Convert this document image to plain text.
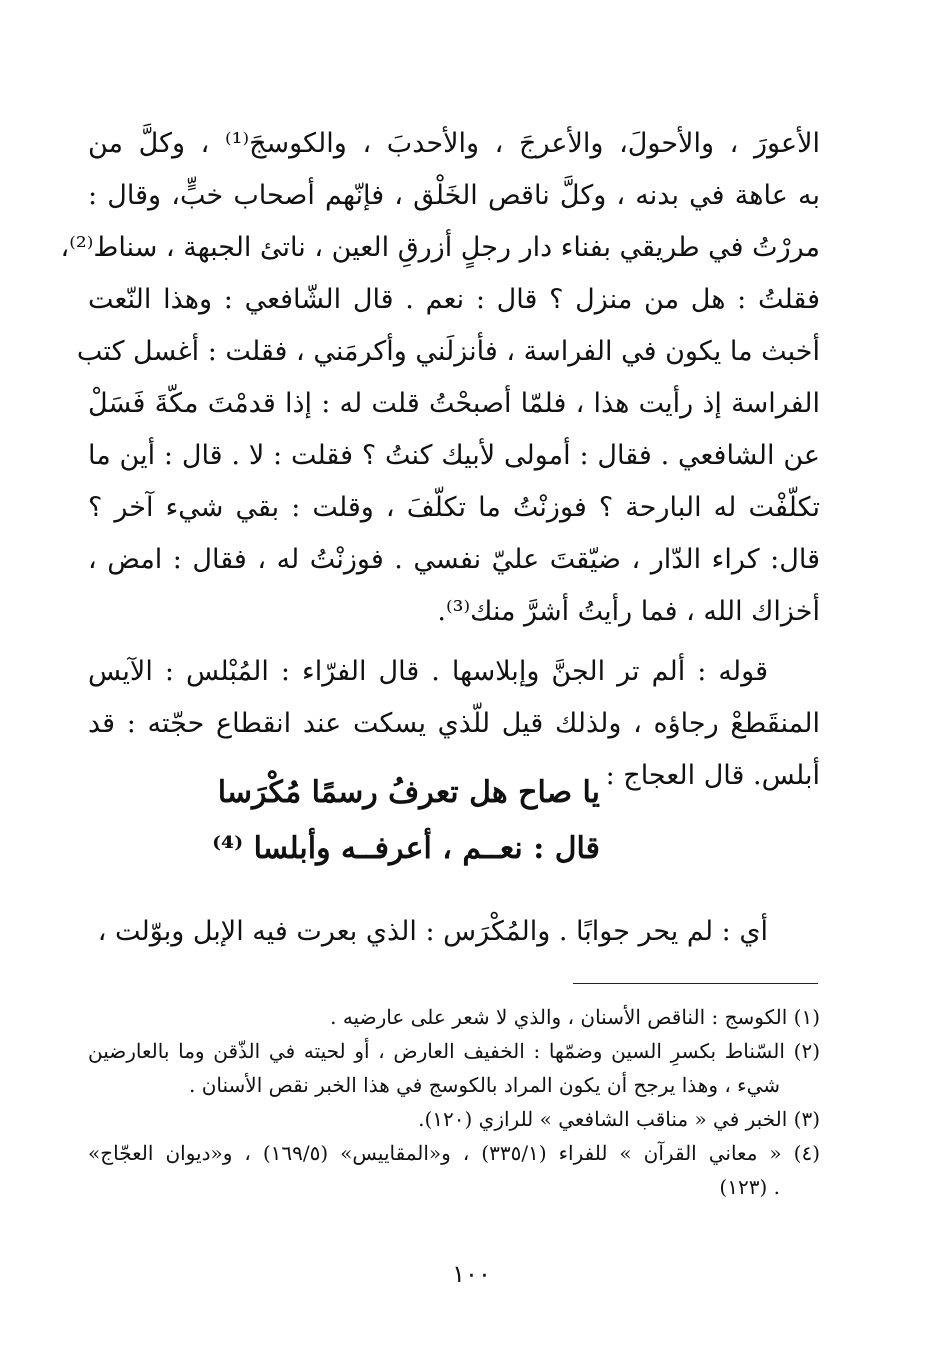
الأعورَ ، والأحولَ، والأعرجَ ، والأحدبَ ، والكوسجَ⁽¹⁾ ، وكلَّ من
به عاهة في بدنه ، وكلَّ ناقص الخَلْق ، فإنّهم أصحاب خبٍّ، وقال :
مررْتُ في طريقي بفناء دار رجلٍ أزرقِ العين ، ناتئ الجبهة ، سناط⁽²⁾،
فقلتُ : هل من منزل ؟ قال : نعم . قال الشّافعي : وهذا النّعت
أخبث ما يكون في الفراسة ، فأنزلَني وأكرمَني ، فقلت : أغسل كتب
الفراسة إذ رأيت هذا ، فلمّا أصبحْتُ قلت له : إذا قدمْتَ مكّةَ فَسَلْ
عن الشافعي . فقال : أمولى لأبيك كنتُ ؟ فقلت : لا . قال : أين ما
تكلّفْت له البارحة ؟ فوزنْتُ ما تكلّفَ ، وقلت : بقي شيء آخر ؟
قال: كراء الدّار ، ضيّقتَ عليّ نفسي . فوزنْتُ له ، فقال : امض ،
أخزاك الله ، فما رأيتُ أشرَّ منك⁽³⁾.
قوله : ألم تر الجنَّ وإبلاسها . قال الفرّاء : المُبْلس : الآيس
المنقَطعْ رجاؤه ، ولذلك قيل للّذي يسكت عند انقطاع حجّته : قد
أبلس. قال العجاج :
يا صاح هل تعرفُ رسمًا مُكْرَسا
قال : نعــم ، أعرفــه وأبلسا ⁽⁴⁾
أي : لم يحر جوابًا . والمُكْرَس : الذي بعرت فيه الإبل وبوّلت ،
(١) الكوسج : الناقص الأسنان ، والذي لا شعر على عارضيه .
(٢) السّناط بكسرِ السين وضمّها : الخفيف العارض ، أو لحيته في الذّقن وما بالعارضين
شيء ، وهذا يرجح أن يكون المراد بالكوسج في هذا الخبر نقص الأسنان .
(٣) الخبر في « مناقب الشافعي » للرازي (١٢٠).
(٤) « معاني القرآن » للفراء (٣٣٥/١) ، و«المقاييس» (١٦٩/٥) ، و«ديوان العجّاج»
. (١٢٣)
١٠٠
